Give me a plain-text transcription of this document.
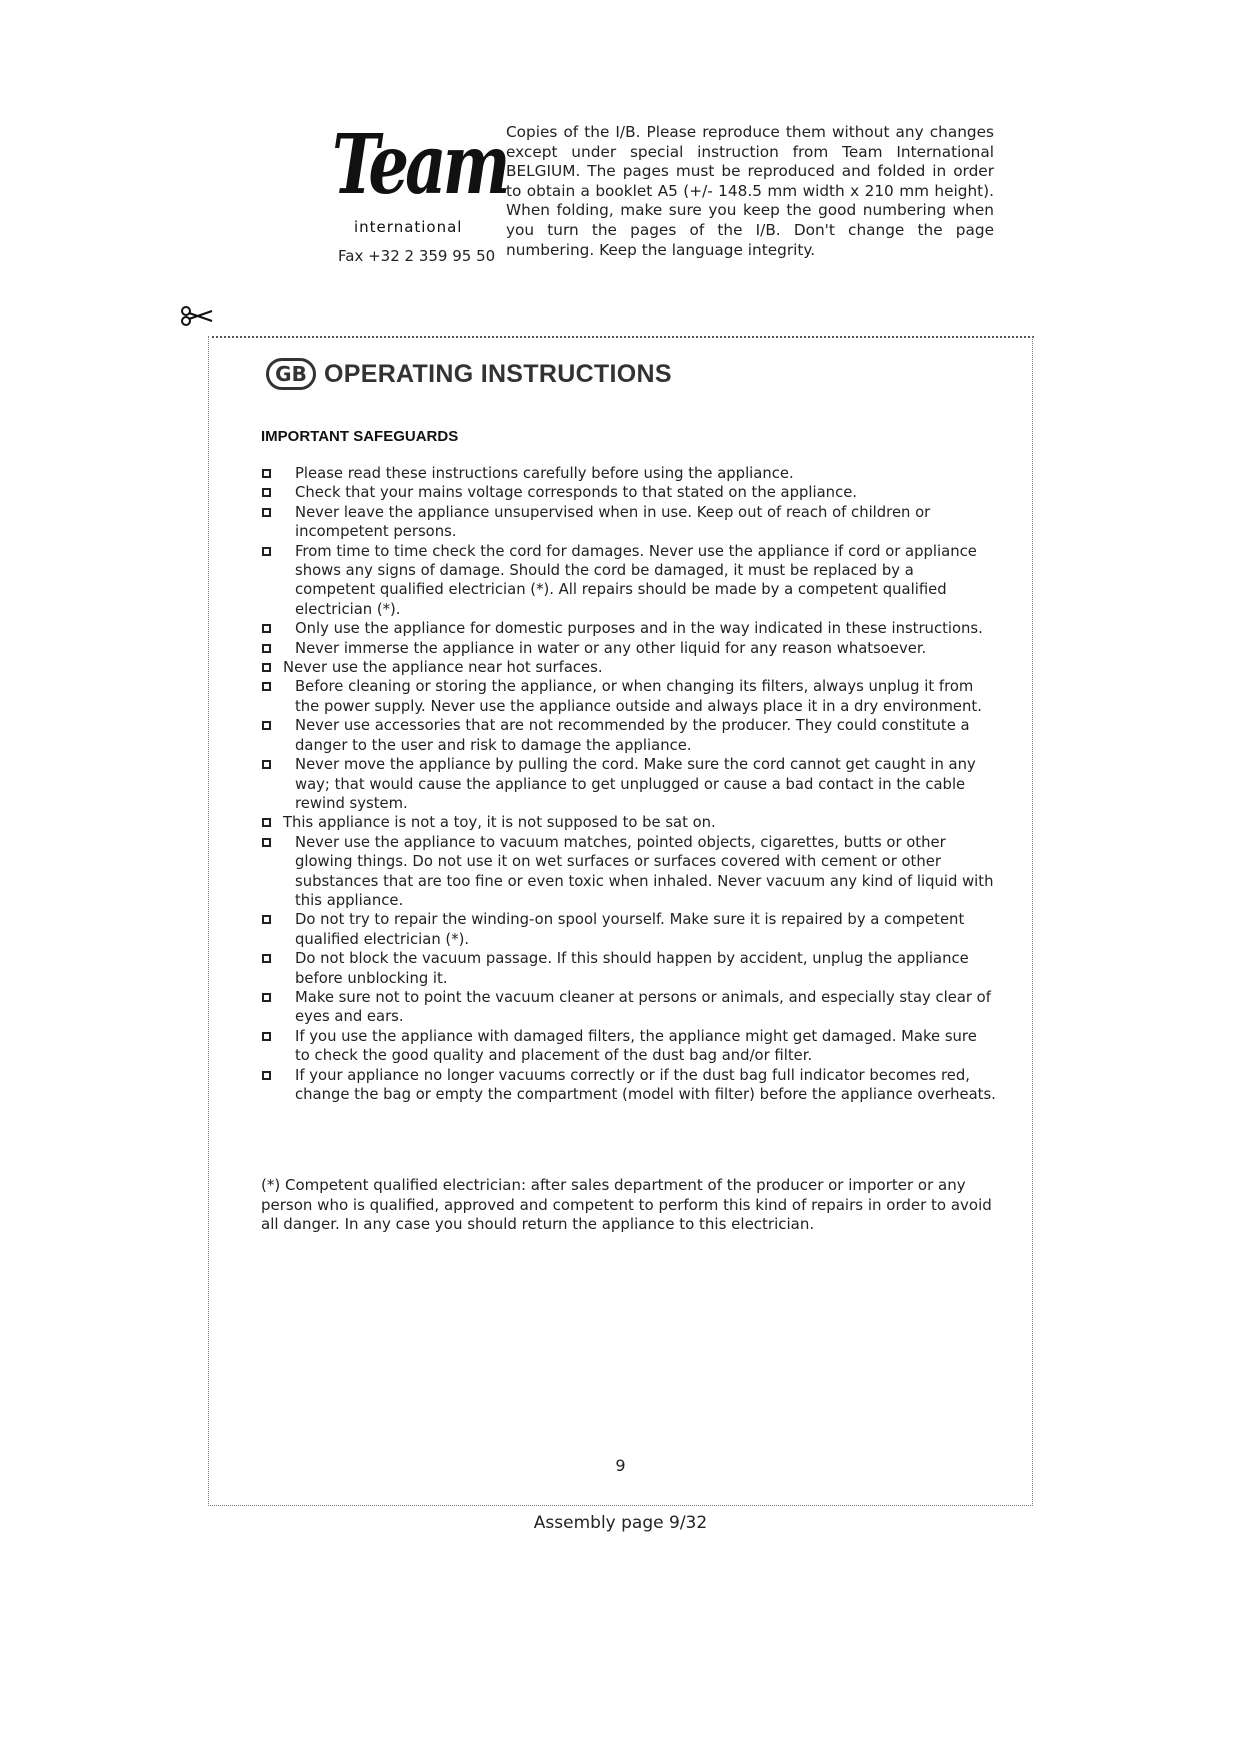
Team
international
Fax +32 2 359 95 50
Copies of the I/B. Please reproduce them without any changes except under special instruction from Team International BELGIUM. The pages must be reproduced and folded in order to obtain a booklet A5 (+/- 148.5 mm width x 210 mm height). When folding, make sure you keep the good numbering when you turn the pages of the I/B. Don't change the page numbering. Keep the language integrity.
GB OPERATING INSTRUCTIONS
IMPORTANT SAFEGUARDS
Please read these instructions carefully before using the appliance.
Check that your mains voltage corresponds to that stated on the appliance.
Never leave the appliance unsupervised when in use. Keep out of reach of children or incompetent persons.
From time to time check the cord for damages. Never use the appliance if cord or appliance shows any signs of damage. Should the cord be damaged, it must be replaced by a competent qualified electrician (*). All repairs should be made by a competent qualified electrician (*).
Only use the appliance for domestic purposes and in the way indicated in these instructions.
Never immerse the appliance in water or any other liquid for any reason whatsoever.
Never use the appliance near hot surfaces.
Before cleaning or storing the appliance, or when changing its filters, always unplug it from the power supply. Never use the appliance outside and always place it in a dry environment.
Never use accessories that are not recommended by the producer. They could constitute a danger to the user and risk to damage the appliance.
Never move the appliance by pulling the cord. Make sure the cord cannot get caught in any way; that would cause the appliance to get unplugged or cause a bad contact in the cable rewind system.
This appliance is not a toy, it is not supposed to be sat on.
Never use the appliance to vacuum matches, pointed objects, cigarettes, butts or other glowing things. Do not use it on wet surfaces or surfaces covered with cement or other substances that are too fine or even toxic when inhaled. Never vacuum any kind of liquid with this appliance.
Do not try to repair the winding-on spool yourself. Make sure it is repaired by a competent qualified electrician (*).
Do not block the vacuum passage. If this should happen by accident, unplug the appliance before unblocking it.
Make sure not to point the vacuum cleaner at persons or animals, and especially stay clear of eyes and ears.
If you use the appliance with damaged filters, the appliance might get damaged. Make sure to check the good quality and placement of the dust bag and/or filter.
If your appliance no longer vacuums correctly or if the dust bag full indicator becomes red, change the bag or empty the compartment (model with filter) before the appliance overheats.
(*) Competent qualified electrician: after sales department of the producer or importer or any person who is qualified, approved and competent to perform this kind of repairs in order to avoid all danger. In any case you should return the appliance to this electrician.
9
Assembly page 9/32
